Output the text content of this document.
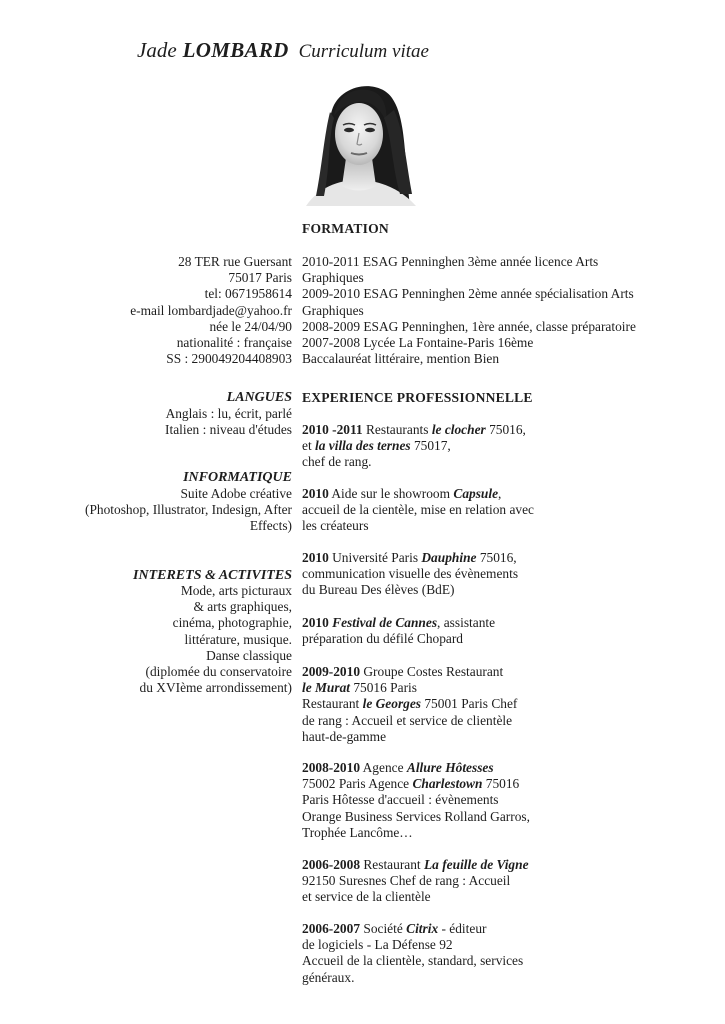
Jade LOMBARD Curriculum vitae
FORMATION
28 TER rue Guersant
75017 Paris
tel: 0671958614
e-mail lombardjade@yahoo.fr
née le 24/04/90
nationalité : française
SS : 290049204408903
2010-2011 ESAG Penninghen 3ème année licence Arts
Graphiques
2009-2010 ESAG Penninghen 2ème année spécialisation Arts
Graphiques
2008-2009 ESAG Penninghen, 1ère année, classe préparatoire
2007-2008 Lycée La Fontaine-Paris 16ème
Baccalauréat littéraire, mention Bien
LANGUES
Anglais : lu, écrit, parlé
Italien : niveau d'études
EXPERIENCE PROFESSIONNELLE
INFORMATIQUE
Suite Adobe créative
(Photoshop, Illustrator, Indesign, After
Effects)
INTERETS & ACTIVITES
Mode, arts picturaux
& arts graphiques,
cinéma, photographie,
littérature, musique.
Danse classique
(diplomée du conservatoire
du XVIème arrondissement)
2010 -2011 Restaurants le clocher 75016,
et la villa des ternes 75017,
chef de rang.
2010 Aide sur le showroom Capsule,
accueil de la cientèle, mise en relation avec
les créateurs
2010 Université Paris Dauphine 75016,
communication visuelle des évènements
du Bureau Des élèves (BdE)
2010 Festival de Cannes, assistante
préparation du défilé Chopard
2009-2010 Groupe Costes Restaurant
le Murat 75016 Paris
Restaurant le Georges 75001 Paris Chef
de rang : Accueil et service de clientèle
haut-de-gamme
2008-2010 Agence Allure Hôtesses
75002 Paris Agence Charlestown 75016
Paris Hôtesse d'accueil : évènements
Orange Business Services Rolland Garros,
Trophée Lancôme…
2006-2008 Restaurant La feuille de Vigne
92150 Suresnes Chef de rang : Accueil
et service de la clientèle
2006-2007 Société Citrix - éditeur
de logiciels - La Défense 92
Accueil de la clientèle, standard, services
généraux.
